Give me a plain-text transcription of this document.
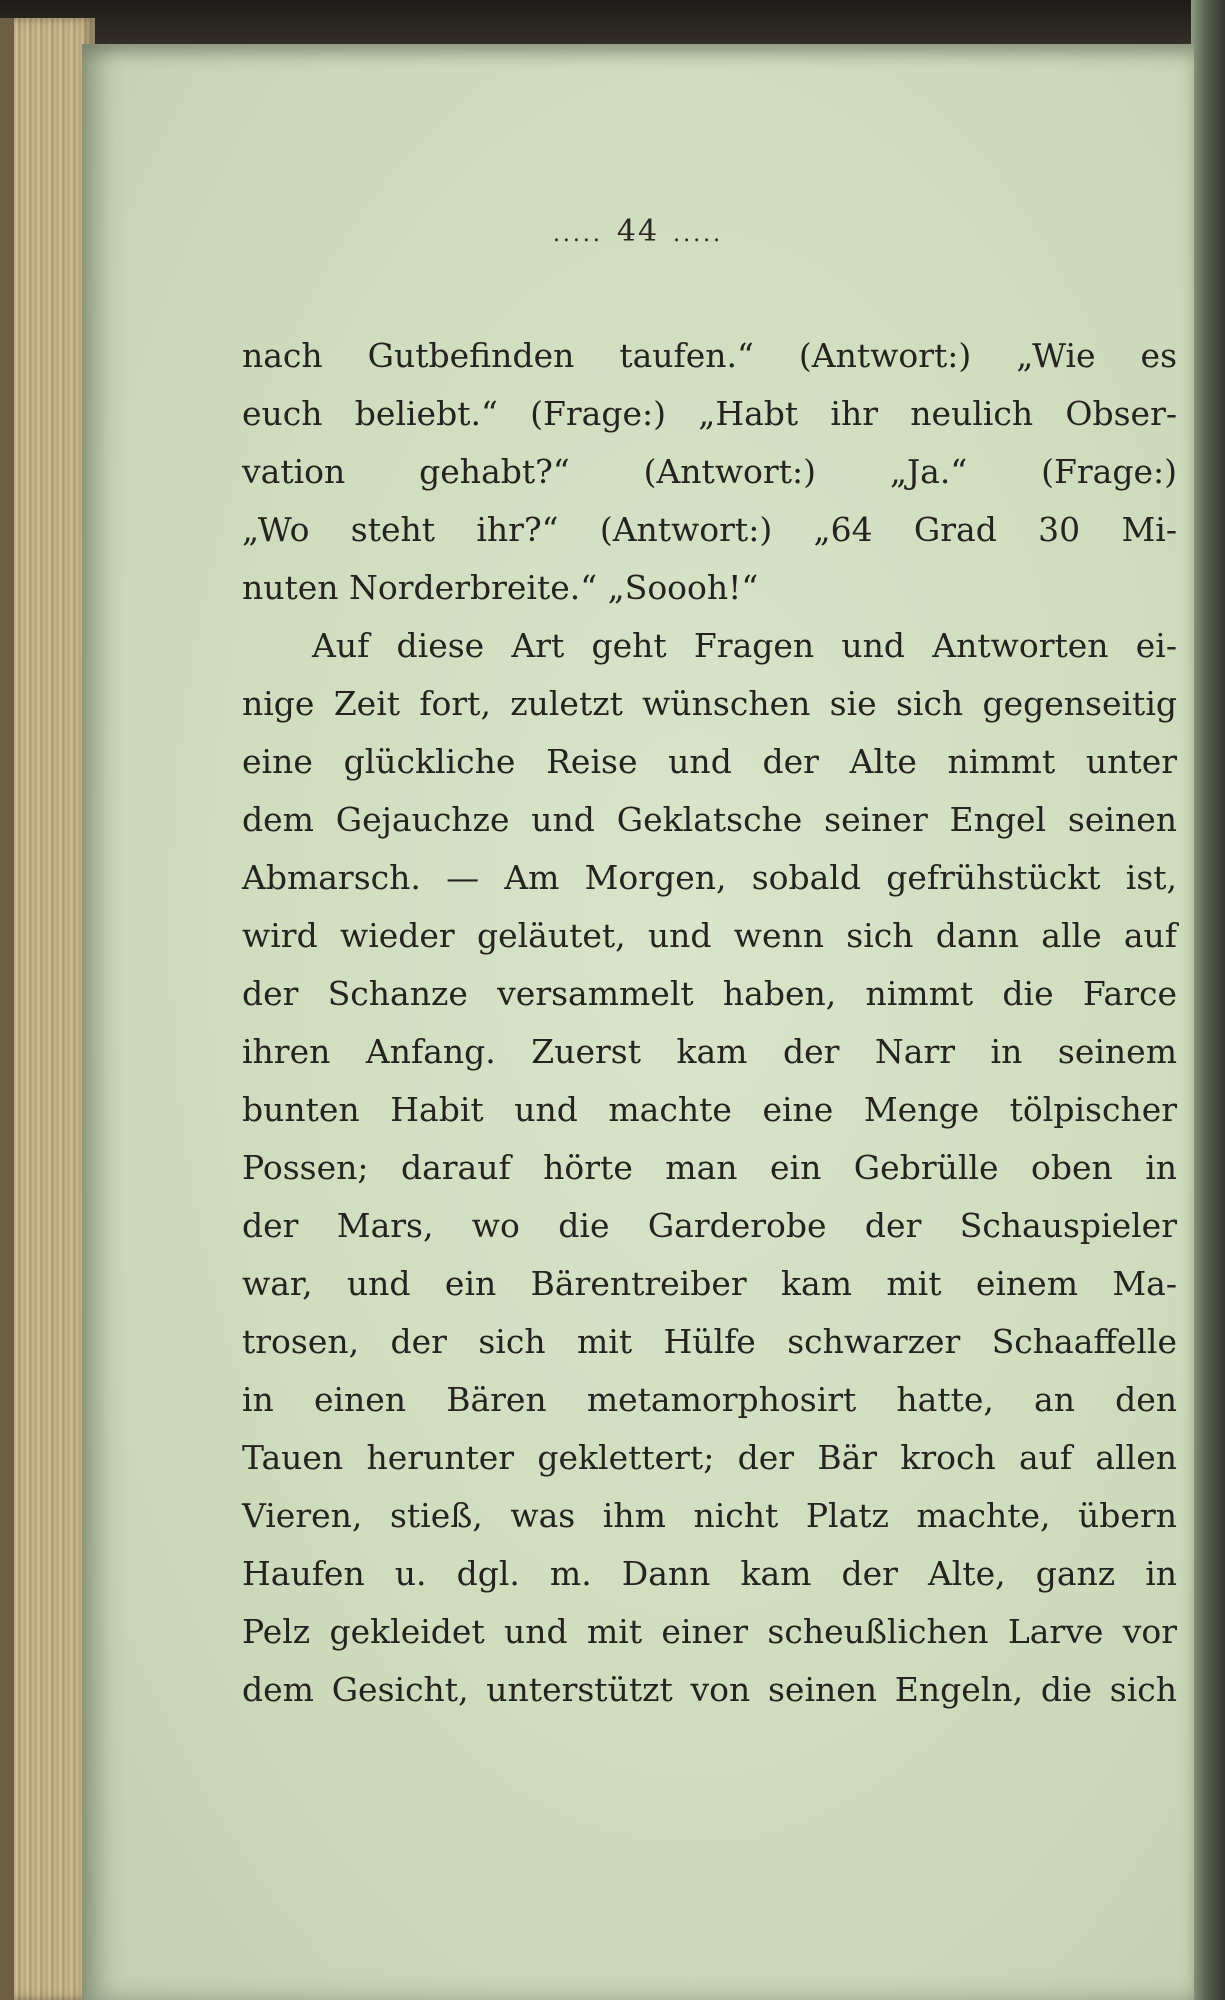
..... 44 .....
nach Gutbefinden taufen.“ (Antwort:) „Wie es
euch beliebt.“ (Frage:) „Habt ihr neulich Obser-
vation gehabt?“ (Antwort:) „Ja.“ (Frage:)
„Wo steht ihr?“ (Antwort:) „64 Grad 30 Mi-
nuten Norderbreite.“ „Soooh!“
Auf diese Art geht Fragen und Antworten ei-
nige Zeit fort, zuletzt wünschen sie sich gegenseitig
eine glückliche Reise und der Alte nimmt unter
dem Gejauchze und Geklatsche seiner Engel seinen
Abmarsch. — Am Morgen, sobald gefrühstückt ist,
wird wieder geläutet, und wenn sich dann alle auf
der Schanze versammelt haben, nimmt die Farce
ihren Anfang. Zuerst kam der Narr in seinem
bunten Habit und machte eine Menge tölpischer
Possen; darauf hörte man ein Gebrülle oben in
der Mars, wo die Garderobe der Schauspieler
war, und ein Bärentreiber kam mit einem Ma-
trosen, der sich mit Hülfe schwarzer Schaaffelle
in einen Bären metamorphosirt hatte, an den
Tauen herunter geklettert; der Bär kroch auf allen
Vieren, stieß, was ihm nicht Platz machte, übern
Haufen u. dgl. m. Dann kam der Alte, ganz in
Pelz gekleidet und mit einer scheußlichen Larve vor
dem Gesicht, unterstützt von seinen Engeln, die sich
